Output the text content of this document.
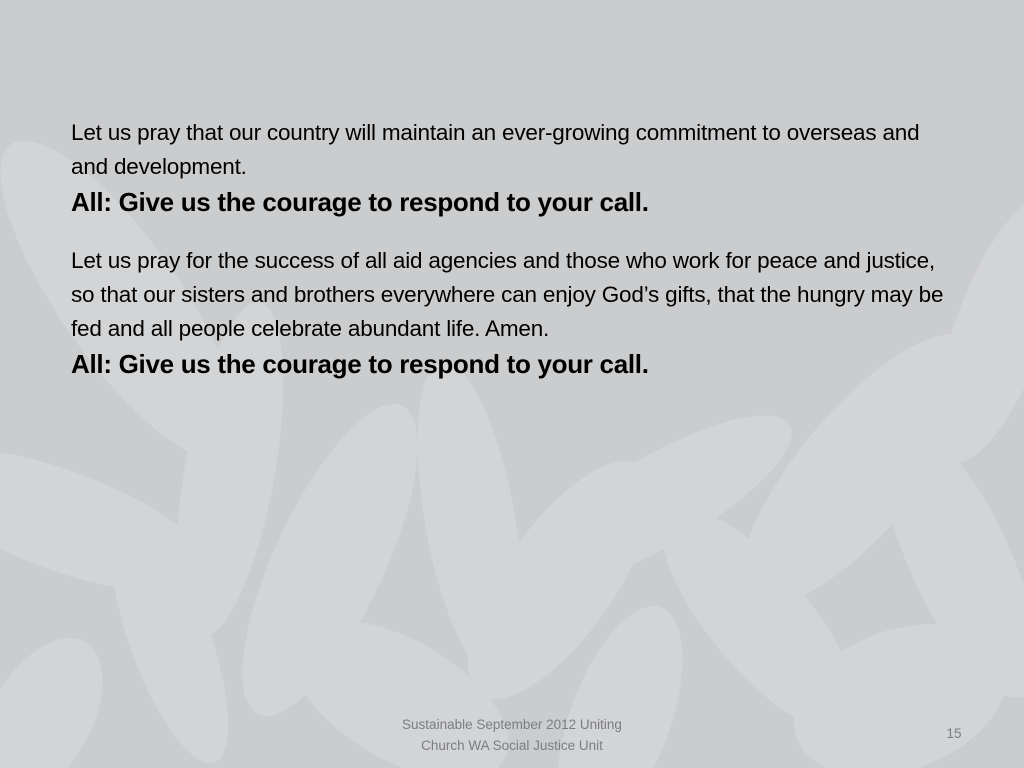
Let us pray that our country will maintain an ever-growing commitment to overseas and and development.

All: Give us the courage to respond to your call.

Let us pray for the success of all aid agencies and those who work for peace and justice, so that our sisters and brothers everywhere can enjoy God’s gifts, that the hungry may be fed and all people celebrate abundant life. Amen.

All: Give us the courage to respond to your call.

Sustainable September 2012 Uniting
Church WA Social Justice Unit
15
